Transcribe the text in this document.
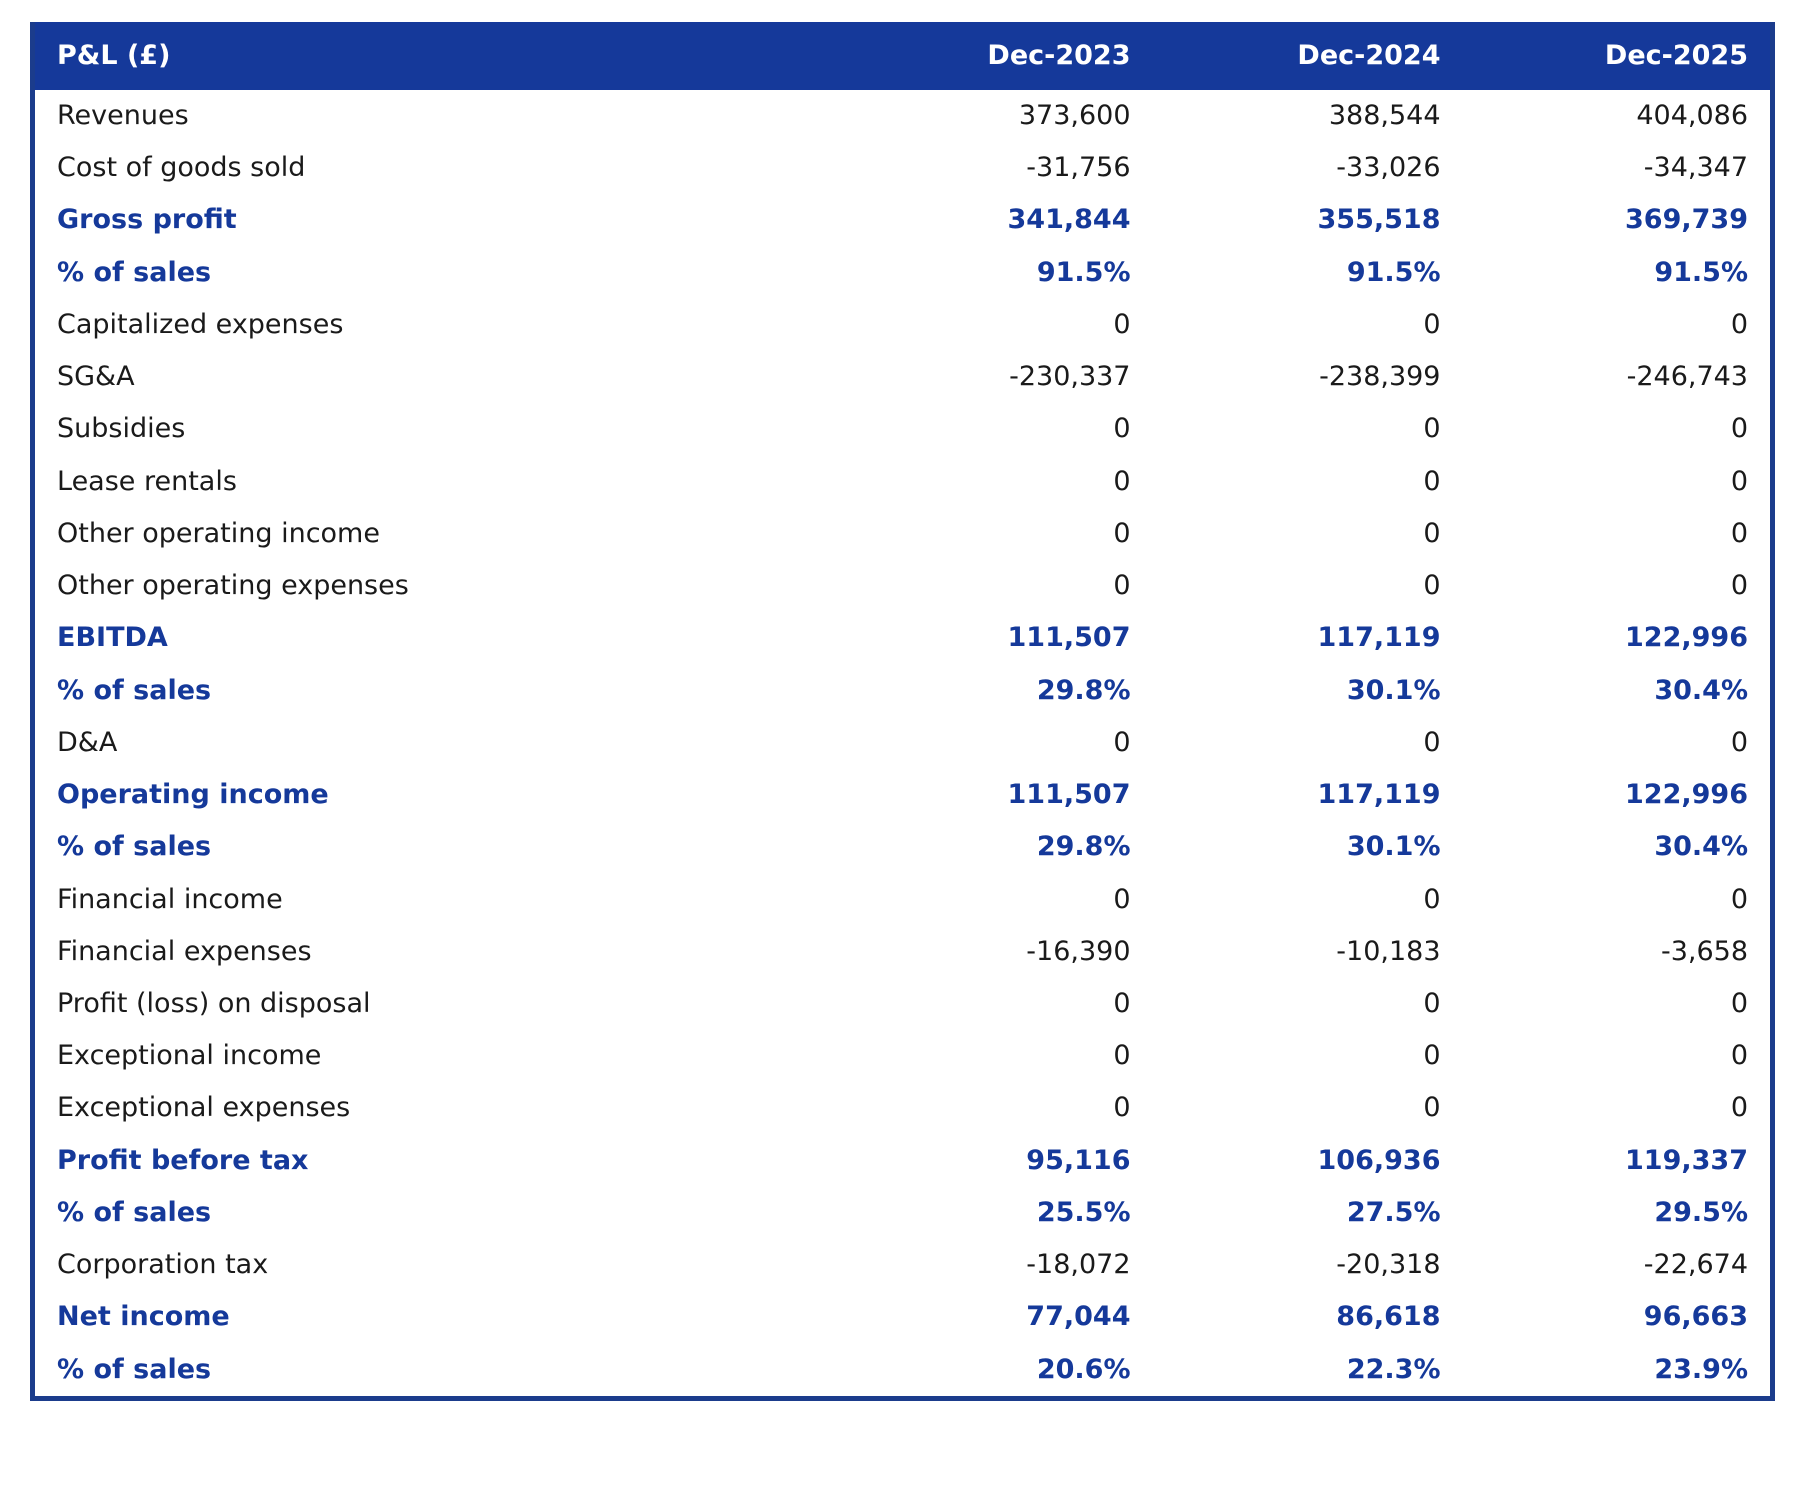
P&L (£)	Dec-2023	Dec-2024	Dec-2025
Revenues	373,600	388,544	404,086
Cost of goods sold	-31,756	-33,026	-34,347
Gross profit	341,844	355,518	369,739
% of sales	91.5%	91.5%	91.5%
Capitalized expenses	0	0	0
SG&A	-230,337	-238,399	-246,743
Subsidies	0	0	0
Lease rentals	0	0	0
Other operating income	0	0	0
Other operating expenses	0	0	0
EBITDA	111,507	117,119	122,996
% of sales	29.8%	30.1%	30.4%
D&A	0	0	0
Operating income	111,507	117,119	122,996
% of sales	29.8%	30.1%	30.4%
Financial income	0	0	0
Financial expenses	-16,390	-10,183	-3,658
Profit (loss) on disposal	0	0	0
Exceptional income	0	0	0
Exceptional expenses	0	0	0
Profit before tax	95,116	106,936	119,337
% of sales	25.5%	27.5%	29.5%
Corporation tax	-18,072	-20,318	-22,674
Net income	77,044	86,618	96,663
% of sales	20.6%	22.3%	23.9%
